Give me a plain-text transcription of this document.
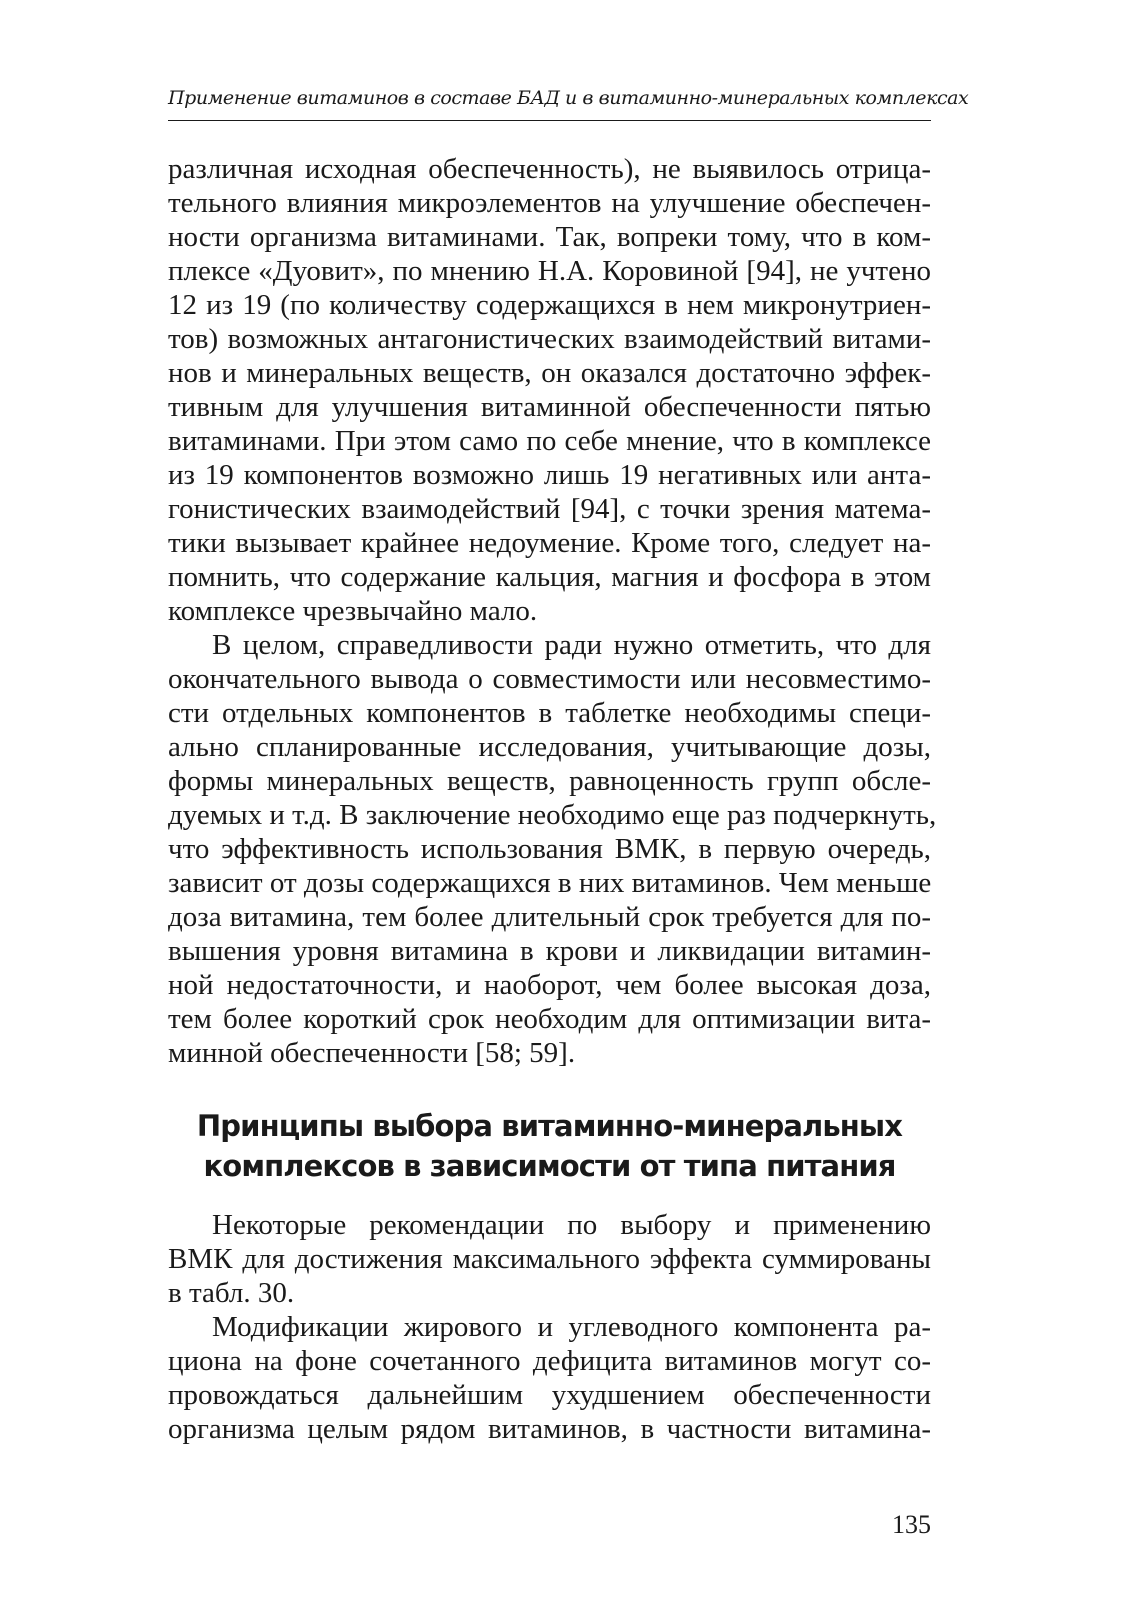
Применение витаминов в составе БАД и в витаминно-минеральных комплексах
различная исходная обеспеченность), не выявилось отрица-
тельного влияния микроэлементов на улучшение обеспечен-
ности организма витаминами. Так, вопреки тому, что в ком-
плексе «Дуовит», по мнению Н.А. Коровиной [94], не учтено
12 из 19 (по количеству содержащихся в нем микронутриен-
тов) возможных антагонистических взаимодействий витами-
нов и минеральных веществ, он оказался достаточно эффек-
тивным для улучшения витаминной обеспеченности пятью
витаминами. При этом само по себе мнение, что в комплексе
из 19 компонентов возможно лишь 19 негативных или анта-
гонистических взаимодействий [94], с точки зрения матема-
тики вызывает крайнее недоумение. Кроме того, следует на-
помнить, что содержание кальция, магния и фосфора в этом
комплексе чрезвычайно мало.
В целом, справедливости ради нужно отметить, что для
окончательного вывода о совместимости или несовместимо-
сти отдельных компонентов в таблетке необходимы специ-
ально спланированные исследования, учитывающие дозы,
формы минеральных веществ, равноценность групп обсле-
дуемых и т.д. В заключение необходимо еще раз подчеркнуть,
что эффективность использования ВМК, в первую очередь,
зависит от дозы содержащихся в них витаминов. Чем меньше
доза витамина, тем более длительный срок требуется для по-
вышения уровня витамина в крови и ликвидации витамин-
ной недостаточности, и наоборот, чем более высокая доза,
тем более короткий срок необходим для оптимизации вита-
минной обеспеченности [58; 59].
Принципы выбора витаминно-минеральных
комплексов в зависимости от типа питания
Некоторые рекомендации по выбору и применению
ВМК для достижения максимального эффекта суммированы
в табл. 30.
Модификации жирового и углеводного компонента ра-
циона на фоне сочетанного дефицита витаминов могут со-
провождаться дальнейшим ухудшением обеспеченности
организма целым рядом витаминов, в частности витамина-
135
